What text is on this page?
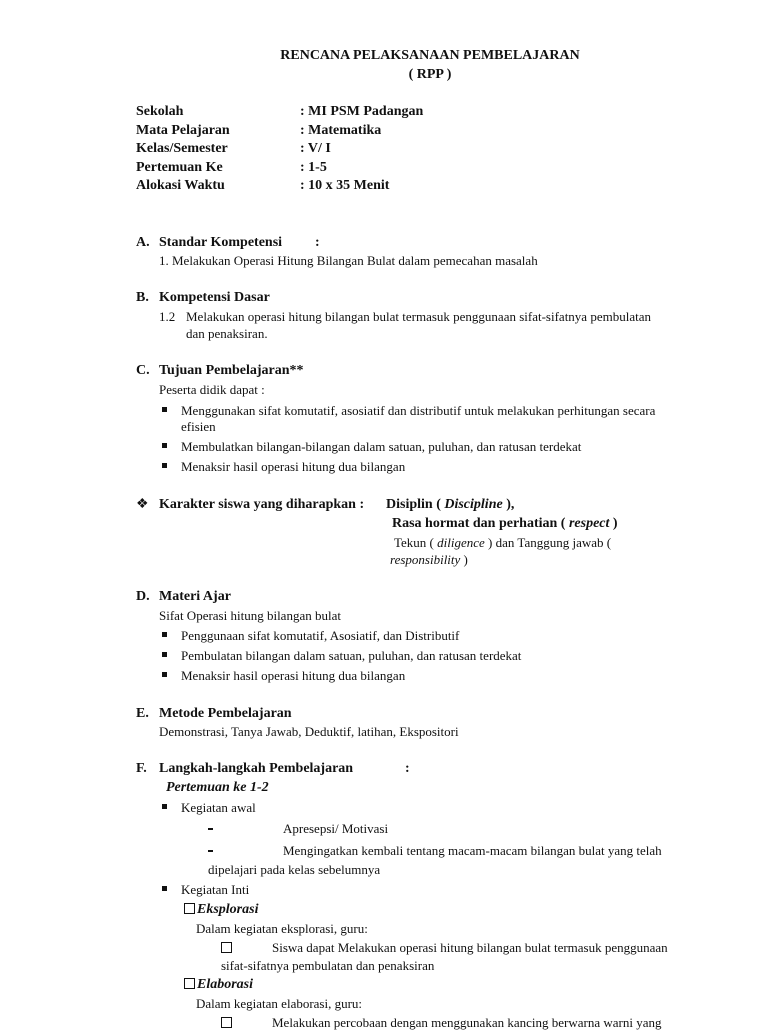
RENCANA PELAKSANAAN PEMBELAJARAN
( RPP )
Sekolah	: MI PSM Padangan
Mata Pelajaran	: Matematika
Kelas/Semester	: V/ I
Pertemuan Ke	: 1-5
Alokasi Waktu	: 10 x 35 Menit
A. Standar Kompetensi :
1. Melakukan Operasi Hitung Bilangan Bulat dalam pemecahan masalah
B. Kompetensi Dasar
1.2 Melakukan operasi hitung bilangan bulat termasuk penggunaan sifat-sifatnya pembulatan
dan penaksiran.
C. Tujuan Pembelajaran**
Peserta didik dapat :
Menggunakan sifat komutatif, asosiatif dan distributif untuk melakukan perhitungan secara
efisien
Membulatkan bilangan-bilangan dalam satuan, puluhan, dan ratusan terdekat
Menaksir hasil operasi hitung dua bilangan
❖ Karakter siswa yang diharapkan : Disiplin ( Discipline ),
Rasa hormat dan perhatian ( respect )
Tekun ( diligence ) dan Tanggung jawab (
responsibility )
D. Materi Ajar
Sifat Operasi hitung bilangan bulat
Penggunaan sifat komutatif, Asosiatif, dan Distributif
Pembulatan bilangan dalam satuan, puluhan, dan ratusan terdekat
Menaksir hasil operasi hitung dua bilangan
E. Metode Pembelajaran
Demonstrasi, Tanya Jawab, Deduktif, latihan, Ekspositori
F. Langkah-langkah Pembelajaran	:
Pertemuan ke 1-2
Kegiatan awal
Apresepsi/ Motivasi
Mengingatkan kembali tentang macam-macam bilangan bulat yang telah
dipelajari pada kelas sebelumnya
Kegiatan Inti
Eksplorasi
Dalam kegiatan eksplorasi, guru:
Siswa dapat Melakukan operasi hitung bilangan bulat termasuk penggunaan
sifat-sifatnya pembulatan dan penaksiran
Elaborasi
Dalam kegiatan elaborasi, guru:
Melakukan percobaan dengan menggunakan kancing berwarna warni yang
